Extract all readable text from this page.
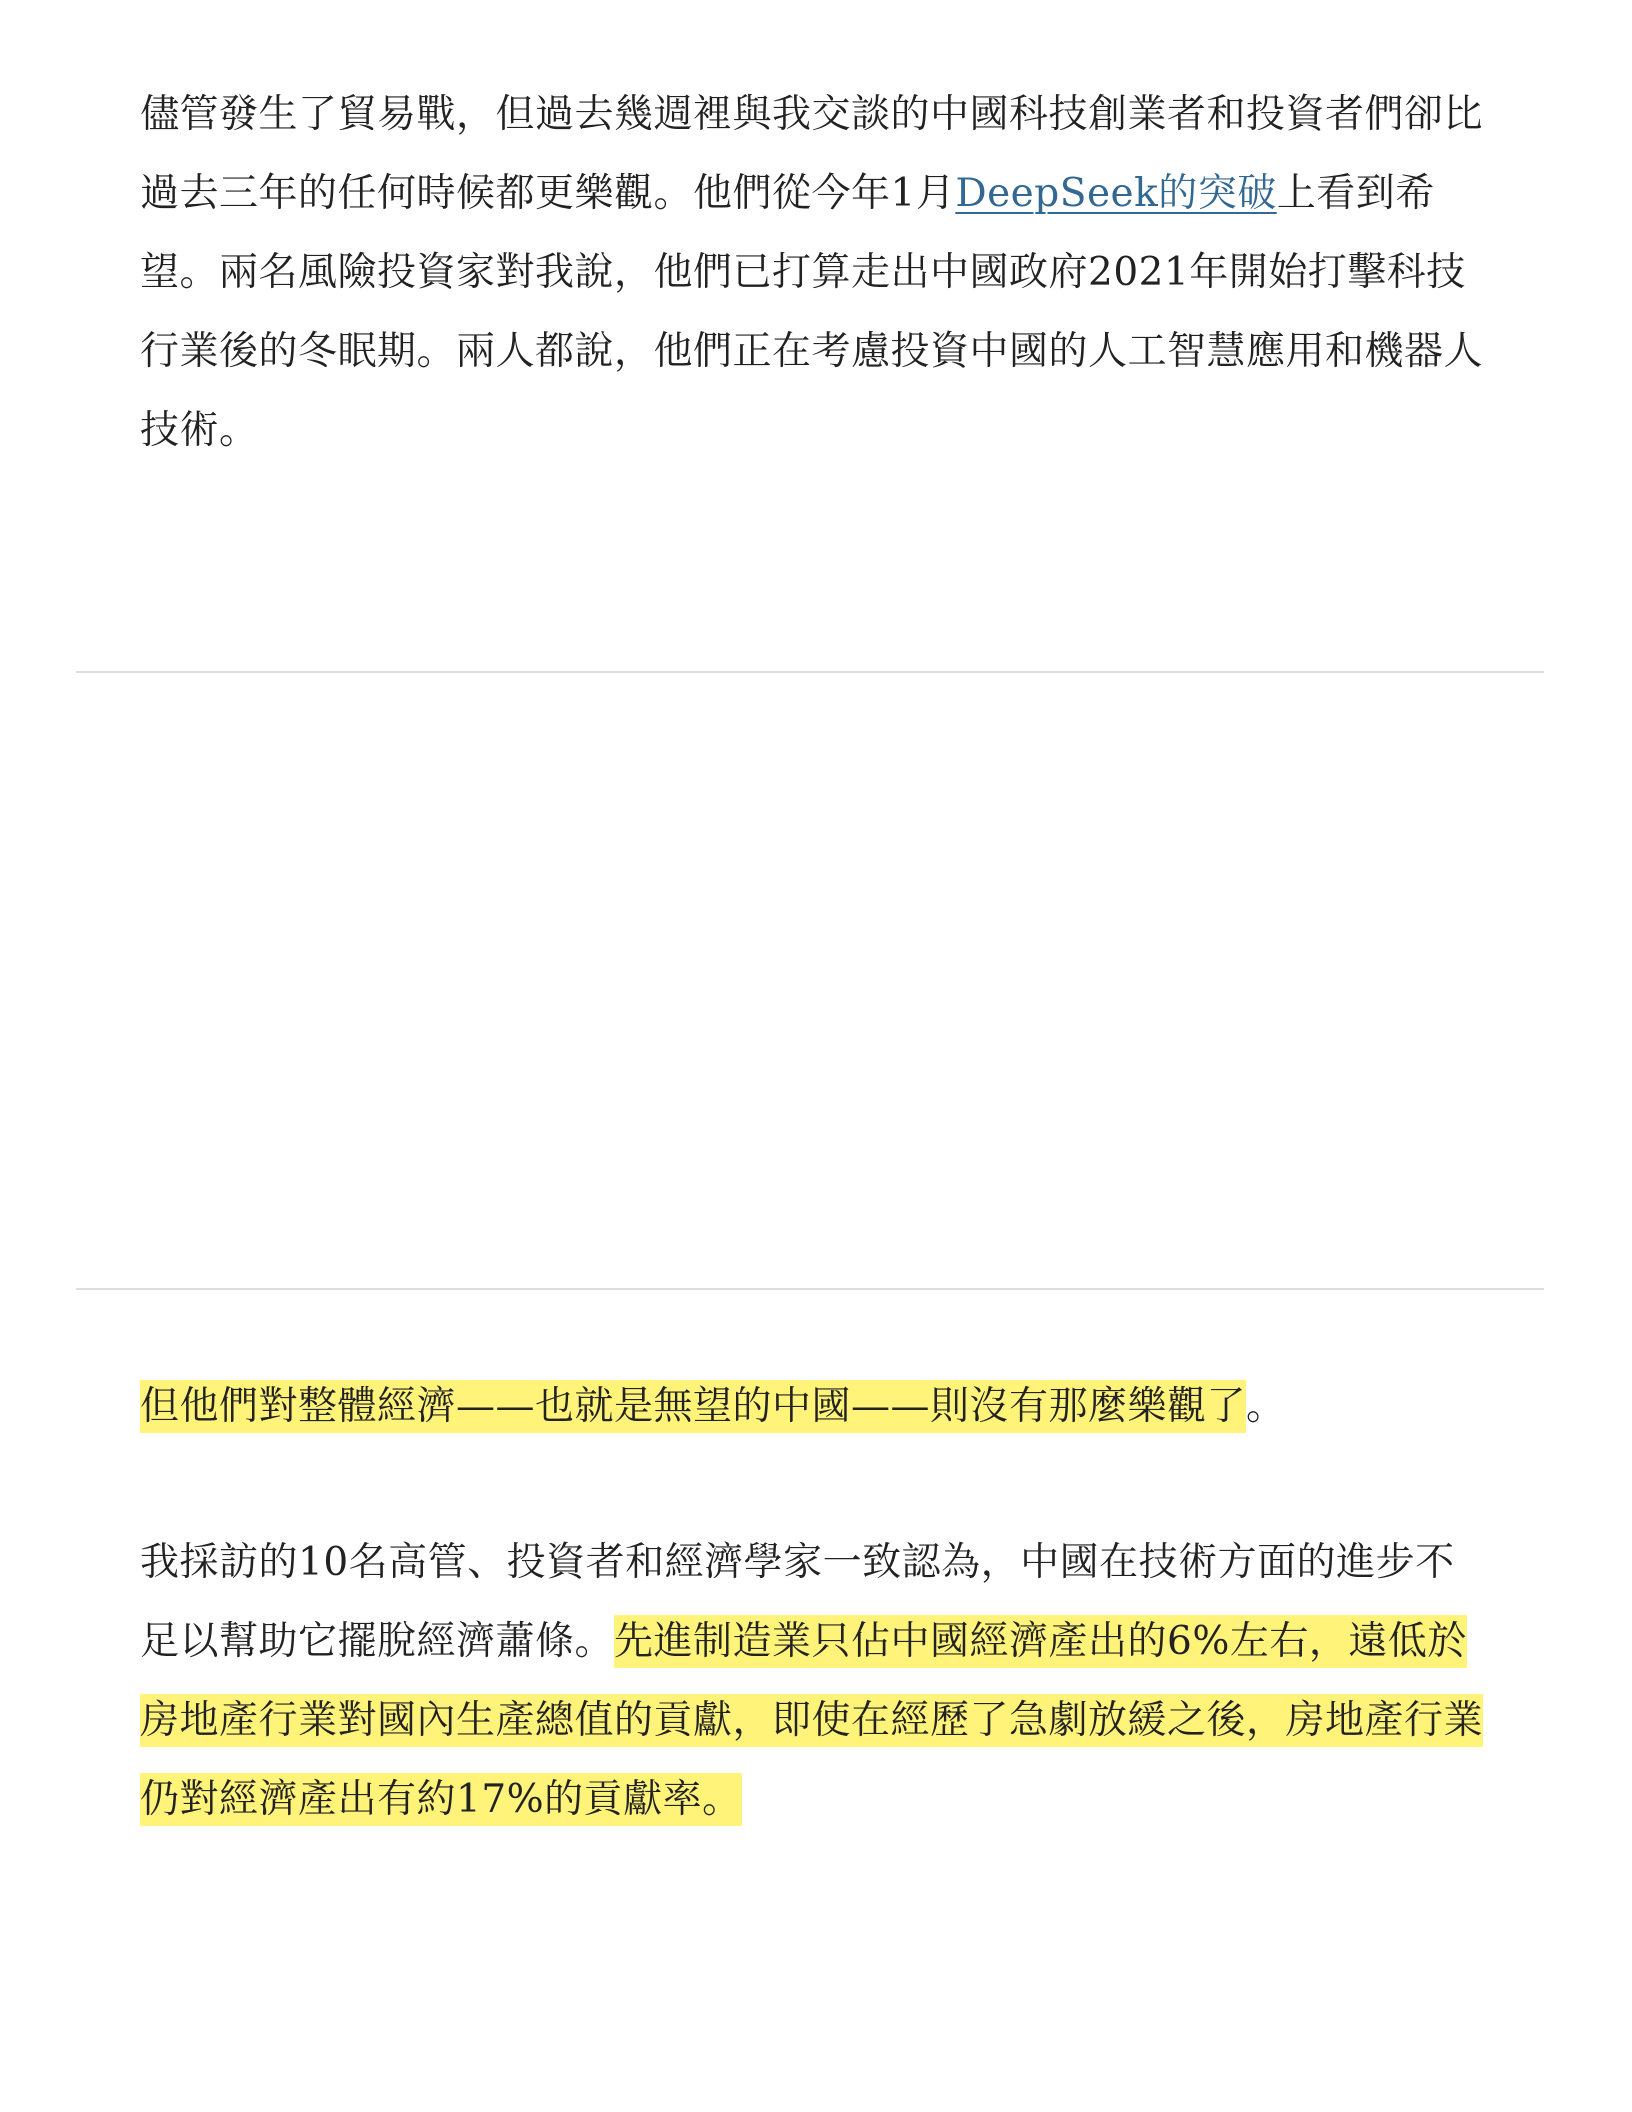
儘管發生了貿易戰，但過去幾週裡與我交談的中國科技創業者和投資者們卻比過去三年的任何時候都更樂觀。他們從今年1月DeepSeek的突破上看到希望。兩名風險投資家對我說，他們已打算走出中國政府2021年開始打擊科技行業後的冬眠期。兩人都說，他們正在考慮投資中國的人工智慧應用和機器人技術。

但他們對整體經濟——也就是無望的中國——則沒有那麼樂觀了。

我採訪的10名高管、投資者和經濟學家一致認為，中國在技術方面的進步不足以幫助它擺脫經濟蕭條。先進制造業只佔中國經濟產出的6%左右，遠低於房地產行業對國內生產總值的貢獻，即使在經歷了急劇放緩之後，房地產行業仍對經濟產出有約17%的貢獻率。
